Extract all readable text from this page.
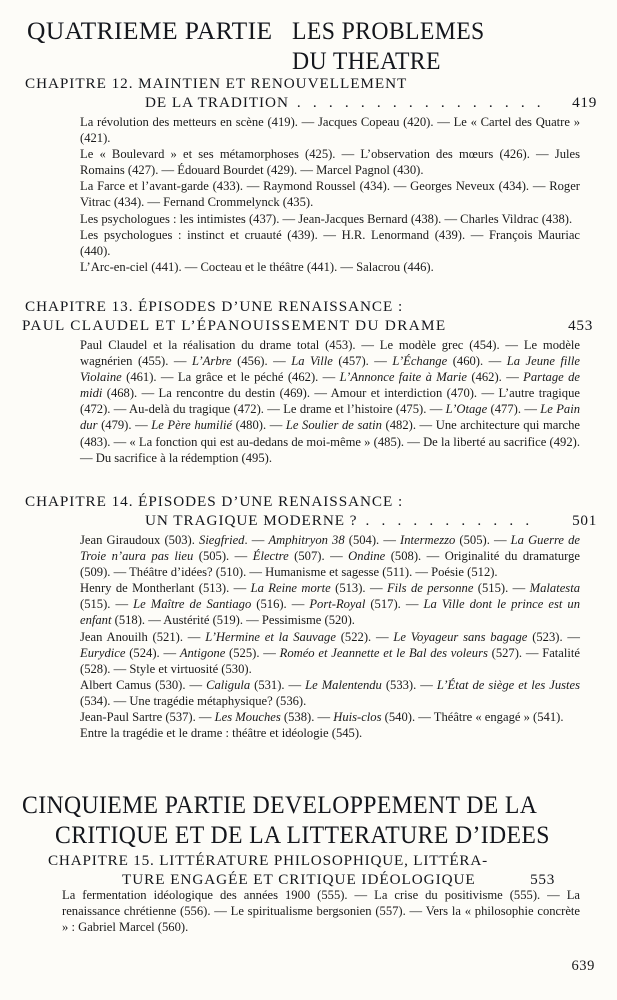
QUATRIEME PARTIE LES PROBLEMES
DU THEATRE
CHAPITRE 12. MAINTIEN ET RENOUVELLEMENT
DE LA TRADITION . . . . . . . . . . . . . . . .	419

La révolution des metteurs en scène (419). — Jacques Copeau (420). — Le « Cartel des Quatre » (421).

Le « Boulevard » et ses métamorphoses (425). — L’observation des mœurs (426). — Jules Romains (427). — Édouard Bourdet (429). — Marcel Pagnol (430).

La Farce et l’avant-garde (433). — Raymond Roussel (434). — Georges Neveux (434). — Roger Vitrac (434). — Fernand Crommelynck (435).

Les psychologues : les intimistes (437). — Jean-Jacques Bernard (438). — Charles Vildrac (438).

Les psychologues : instinct et cruauté (439). — H.R. Lenormand (439). — François Mauriac (440).

L’Arc-en-ciel (441). — Cocteau et le théâtre (441). — Salacrou (446).

CHAPITRE 13. ÉPISODES D’UNE RENAISSANCE :
PAUL CLAUDEL ET L’ÉPANOUISSEMENT DU DRAME	453

Paul Claudel et la réalisation du drame total (453). — Le modèle grec (454). — Le modèle wagnérien (455). — L’Arbre (456). — La Ville (457). — L’Échange (460). — La Jeune fille Violaine (461). — La grâce et le péché (462). — L’Annonce faite à Marie (462). — Partage de midi (468). — La rencontre du destin (469). — Amour et interdiction (470). — L’autre tragique (472). — Au-delà du tragique (472). — Le drame et l’histoire (475). — L’Otage (477). — Le Pain dur (479). — Le Père humilié (480). — Le Soulier de satin (482). — Une architecture qui marche (483). — « La fonction qui est au-dedans de moi-même » (485). — De la liberté au sacrifice (492). — Du sacrifice à la rédemption (495).

CHAPITRE 14. ÉPISODES D’UNE RENAISSANCE :
UN TRAGIQUE MODERNE ? . . . . . . . . . . .	501

Jean Giraudoux (503). Siegfried. — Amphitryon 38 (504). — Intermezzo (505). — La Guerre de Troie n’aura pas lieu (505). — Électre (507). — Ondine (508). — Originalité du dramaturge (509). — Théâtre d’idées? (510). — Humanisme et sagesse (511). — Poésie (512).

Henry de Montherlant (513). — La Reine morte (513). — Fils de personne (515). — Malatesta (515). — Le Maître de Santiago (516). — Port-Royal (517). — La Ville dont le prince est un enfant (518). — Austérité (519). — Pessimisme (520).

Jean Anouilh (521). — L’Hermine et la Sauvage (522). — Le Voyageur sans bagage (523). — Eurydice (524). — Antigone (525). — Roméo et Jeannette et le Bal des voleurs (527). — Fatalité (528). — Style et virtuosité (530).

Albert Camus (530). — Caligula (531). — Le Malentendu (533). — L’État de siège et les Justes (534). — Une tragédie métaphysique? (536).

Jean-Paul Sartre (537). — Les Mouches (538). — Huis-clos (540). — Théâtre « engagé » (541).

Entre la tragédie et le drame : théâtre et idéologie (545).

CINQUIEME PARTIE DEVELOPPEMENT DE LA
CRITIQUE ET DE LA LITTERATURE D’IDEES
CHAPITRE 15. LITTÉRATURE PHILOSOPHIQUE, LITTÉRA-
TURE ENGAGÉE ET CRITIQUE IDÉOLOGIQUE	553

La fermentation idéologique des années 1900 (555). — La crise du positivisme (555). — La renaissance chrétienne (556). — Le spiritualisme bergsonien (557). — Vers la « philosophie concrète » : Gabriel Marcel (560).

639
